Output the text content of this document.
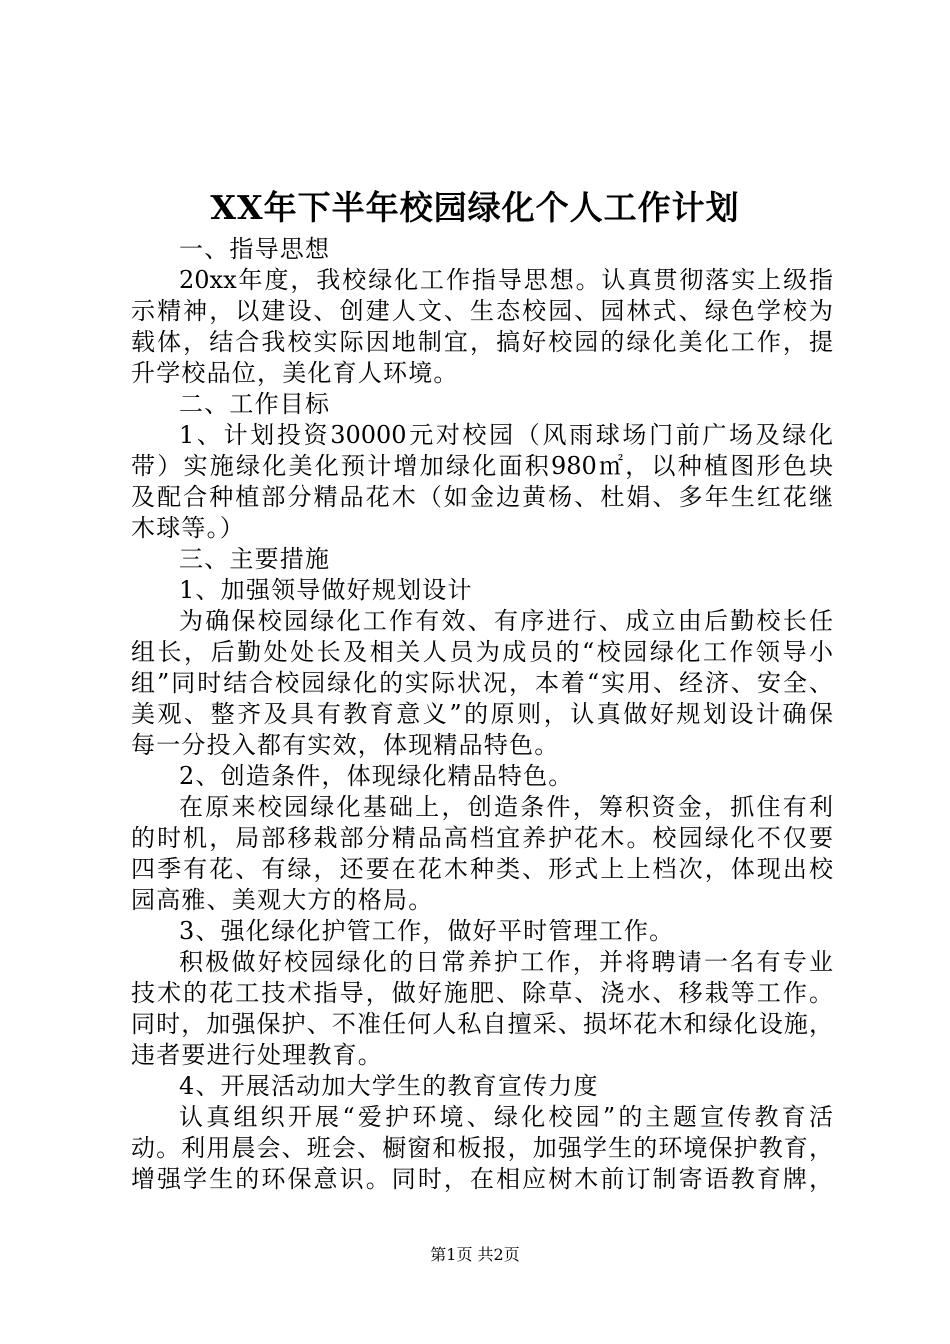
XX年下半年校园绿化个人工作计划
一、指导思想
20xx年度，我校绿化工作指导思想。认真贯彻落实上级指
示精神，以建设、创建人文、生态校园、园林式、绿色学校为
载体，结合我校实际因地制宜，搞好校园的绿化美化工作，提
升学校品位，美化育人环境。
二、工作目标
1、计划投资30000元对校园（风雨球场门前广场及绿化
带）实施绿化美化预计增加绿化面积980㎡，以种植图形色块
及配合种植部分精品花木（如金边黄杨、杜娟、多年生红花继
木球等。）
三、主要措施
1、加强领导做好规划设计
为确保校园绿化工作有效、有序进行、成立由后勤校长任
组长，后勤处处长及相关人员为成员的“校园绿化工作领导小
组”同时结合校园绿化的实际状况，本着“实用、经济、安全、
美观、整齐及具有教育意义”的原则，认真做好规划设计确保
每一分投入都有实效，体现精品特色。
2、创造条件，体现绿化精品特色。
在原来校园绿化基础上，创造条件，筹积资金，抓住有利
的时机，局部移栽部分精品高档宜养护花木。校园绿化不仅要
四季有花、有绿，还要在花木种类、形式上上档次，体现出校
园高雅、美观大方的格局。
3、强化绿化护管工作，做好平时管理工作。
积极做好校园绿化的日常养护工作，并将聘请一名有专业
技术的花工技术指导，做好施肥、除草、浇水、移栽等工作。
同时，加强保护、不准任何人私自擅采、损坏花木和绿化设施，
违者要进行处理教育。
4、开展活动加大学生的教育宣传力度
认真组织开展“爱护环境、绿化校园”的主题宣传教育活
动。利用晨会、班会、橱窗和板报，加强学生的环境保护教育，
增强学生的环保意识。同时，在相应树木前订制寄语教育牌，
第1页 共2页
